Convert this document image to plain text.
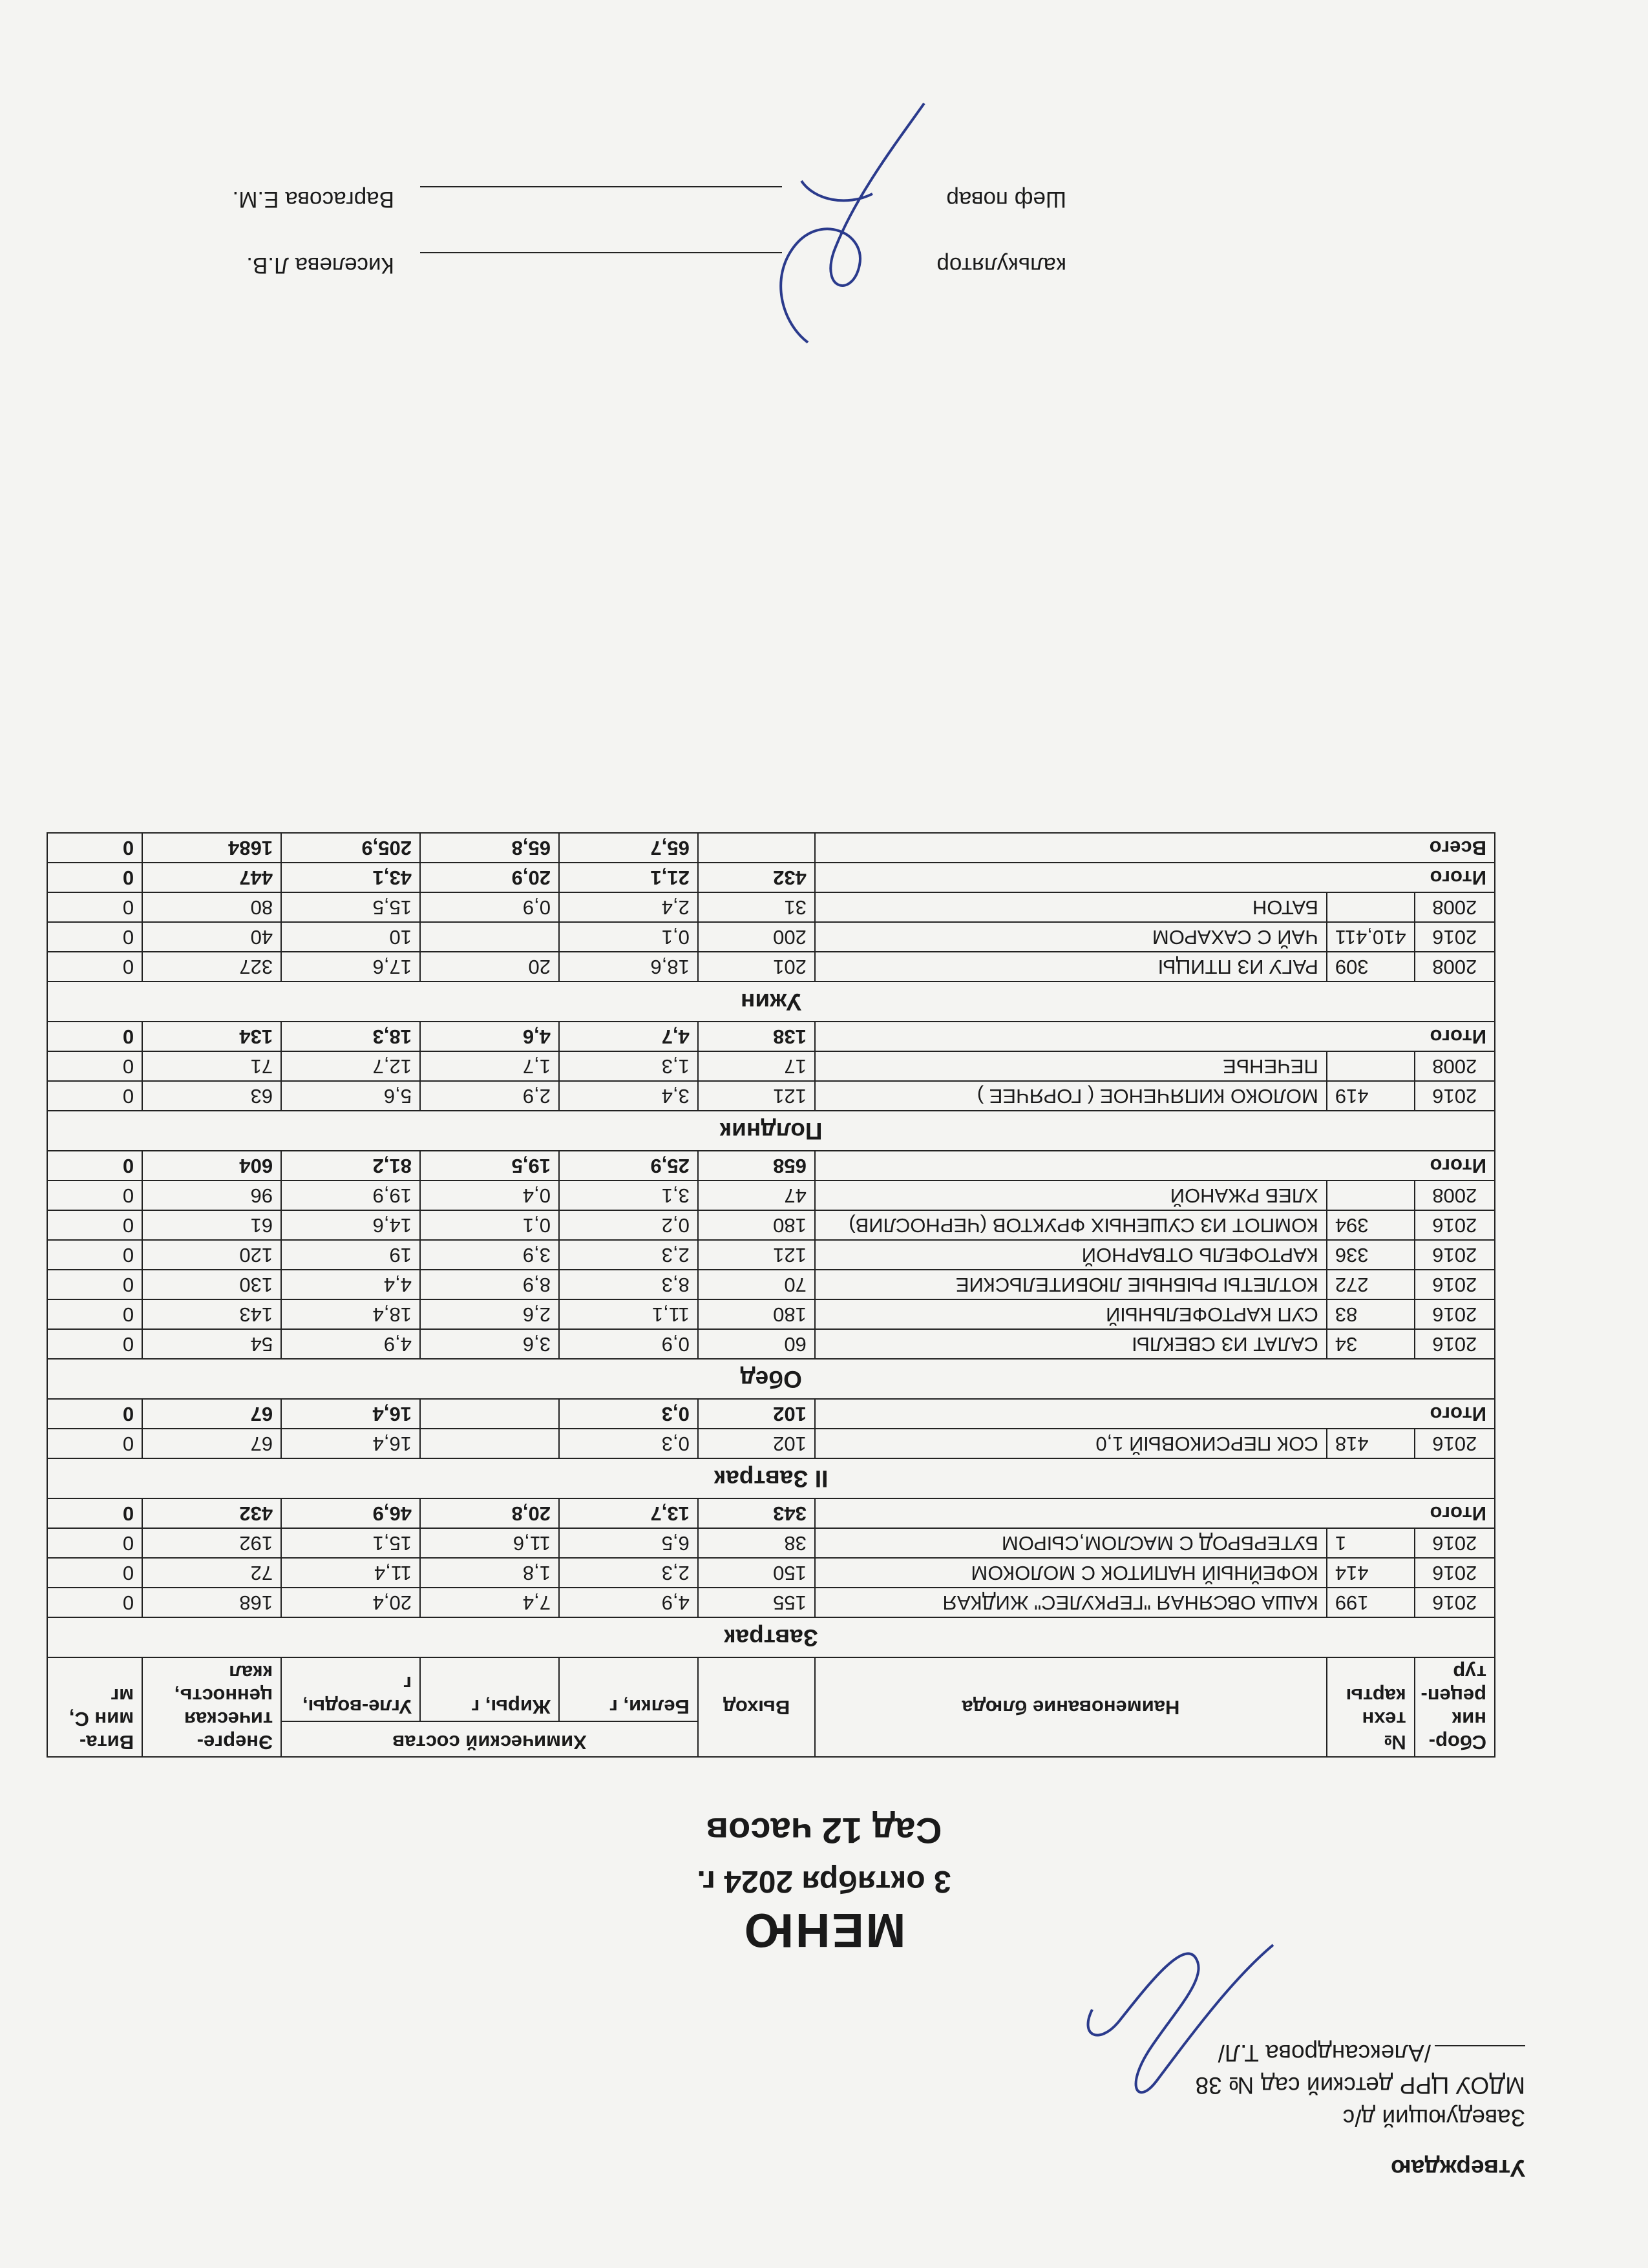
Утверждаю
Заведующий д/с
МДОУ ЦРР детский сад № 38
/Александрова Т.Л/
МЕНЮ
3 октября 2024 г.
Сад 12 часов
Сбор-ник рецеп-тур	№ техн карты	Наименование блюда	Выход	Химический состав			Энерге-тическая ценность, ккал	Вита-мин С, мг
				Белки, г	Жиры, г	Угле-воды, г		
Завтрак								
2016	199	КАША ОВСЯНАЯ "ГЕРКУЛЕС" ЖИДКАЯ	155	4,9	7,4	20,4	168	0
2016	414	КОФЕЙНЫЙ НАПИТОК С МОЛОКОМ	150	2,3	1,8	11,4	72	0
2016	1	БУТЕРБРОД С МАСЛОМ,СЫРОМ	38	6,5	11,6	15,1	192	0
Итого			343	13,7	20,8	46,9	432	0
II Завтрак								
2016	418	СОК ПЕРСИКОВЫЙ 1,0	102	0,3		16,4	67	0
Итого			102	0,3		16,4	67	0
Обед								
2016	34	САЛАТ ИЗ СВЕКЛЫ	60	0,9	3,6	4,9	54	0
2016	83	СУП КАРТОФЕЛЬНЫЙ	180	11,1	2,6	18,4	143	0
2016	272	КОТЛЕТЫ РЫБНЫЕ ЛЮБИТЕЛЬСКИЕ	70	8,3	8,9	4,4	130	0
2016	336	КАРТОФЕЛЬ ОТВАРНОЙ	121	2,3	3,9	19	120	0
2016	394	КОМПОТ ИЗ СУШЕНЫХ ФРУКТОВ (ЧЕРНОСЛИВ)	180	0,2	0,1	14,6	61	0
2008		ХЛЕБ РЖАНОЙ	47	3,1	0,4	19,9	96	0
Итого			658	25,9	19,5	81,2	604	0
Полдник								
2016	419	МОЛОКО КИПЯЧЕНОЕ ( ГОРЯЧЕЕ )	121	3,4	2,9	5,6	63	0
2008		ПЕЧЕНЬЕ	17	1,3	1,7	12,7	71	0
Итого			138	4,7	4,6	18,3	134	0
Ужин								
2008	309	РАГУ ИЗ ПТИЦЫ	201	18,6	20	17,6	327	0
2016	410,411	ЧАЙ С САХАРОМ	200	0,1		10	40	0
2008		БАТОН	31	2,4	0,9	15,5	80	0
Итого			432	21,1	20,9	43,1	447	0
Всего				65,7	65,8	205,9	1684	0
калькулятор
Киселева Л.В.
Шеф повар
Варгасова Е.М.
